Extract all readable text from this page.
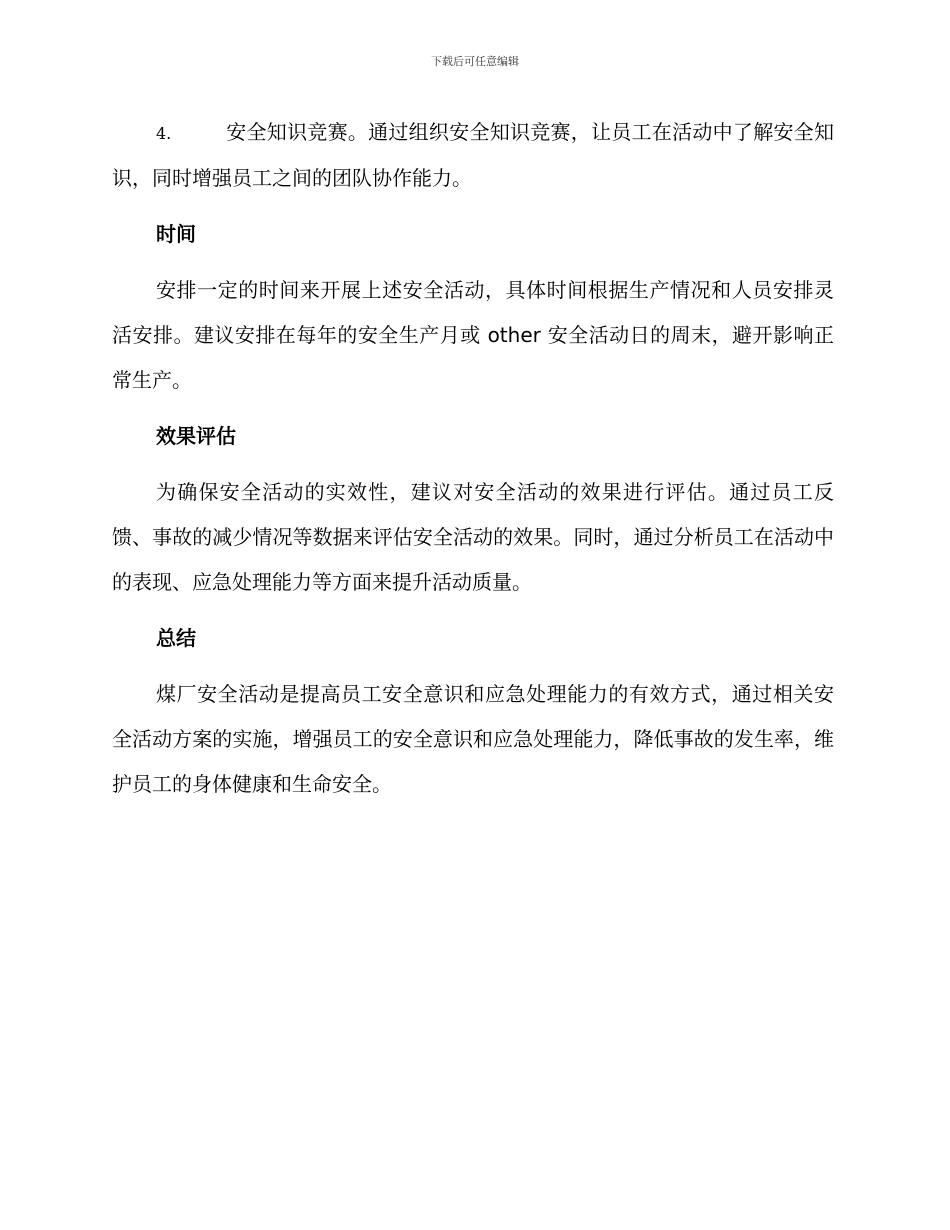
下载后可任意编辑

4.	安全知识竞赛。通过组织安全知识竞赛，让员工在活动中了解安全知识，同时增强员工之间的团队协作能力。

时间

安排一定的时间来开展上述安全活动，具体时间根据生产情况和人员安排灵活安排。建议安排在每年的安全生产月或 other 安全活动日的周末，避开影响正常生产。

效果评估

为确保安全活动的实效性，建议对安全活动的效果进行评估。通过员工反馈、事故的减少情况等数据来评估安全活动的效果。同时，通过分析员工在活动中的表现、应急处理能力等方面来提升活动质量。

总结

煤厂安全活动是提高员工安全意识和应急处理能力的有效方式，通过相关安全活动方案的实施，增强员工的安全意识和应急处理能力，降低事故的发生率，维护员工的身体健康和生命安全。
